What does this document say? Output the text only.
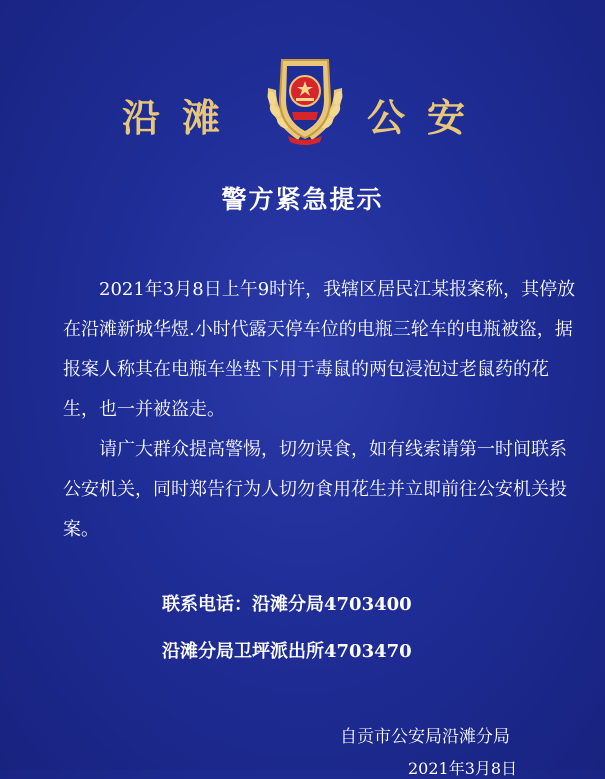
沿滩	公安
警方紧急提示

2021年3月8日上午9时许，我辖区居民江某报案称，其停放在沿滩新城华煜.小时代露天停车位的电瓶三轮车的电瓶被盗，据报案人称其在电瓶车坐垫下用于毒鼠的两包浸泡过老鼠药的花生，也一并被盗走。

请广大群众提高警惕，切勿误食，如有线索请第一时间联系公安机关，同时郑告行为人切勿食用花生并立即前往公安机关投案。

联系电话：沿滩分局4703400
沿滩分局卫坪派出所4703470
自贡市公安局沿滩分局
2021年3月8日
